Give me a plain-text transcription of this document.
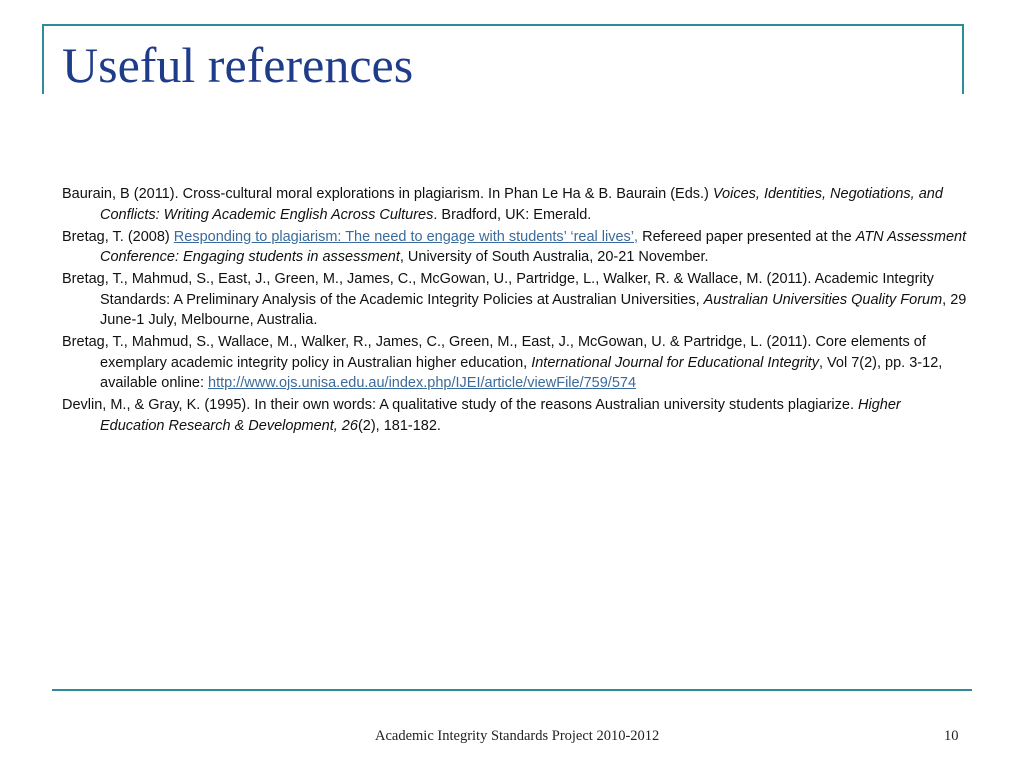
Useful references
Baurain, B (2011). Cross-cultural moral explorations in plagiarism. In Phan Le Ha & B. Baurain (Eds.) Voices, Identities, Negotiations, and Conflicts: Writing Academic English Across Cultures. Bradford, UK: Emerald.
Bretag, T. (2008) Responding to plagiarism: The need to engage with students’ ‘real lives’, Refereed paper presented at the ATN Assessment Conference: Engaging students in assessment, University of South Australia, 20-21 November.
Bretag, T., Mahmud, S., East, J., Green, M., James, C., McGowan, U., Partridge, L., Walker, R. & Wallace, M. (2011). Academic Integrity Standards: A Preliminary Analysis of the Academic Integrity Policies at Australian Universities, Australian Universities Quality Forum, 29 June-1 July, Melbourne, Australia.
Bretag, T., Mahmud, S., Wallace, M., Walker, R., James, C., Green, M., East, J., McGowan, U. & Partridge, L. (2011). Core elements of exemplary academic integrity policy in Australian higher education, International Journal for Educational Integrity, Vol 7(2), pp. 3-12, available online: http://www.ojs.unisa.edu.au/index.php/IJEI/article/viewFile/759/574
Devlin, M., & Gray, K. (1995). In their own words: A qualitative study of the reasons Australian university students plagiarize. Higher Education Research & Development, 26(2), 181-182.
Academic Integrity Standards Project 2010-2012	10
